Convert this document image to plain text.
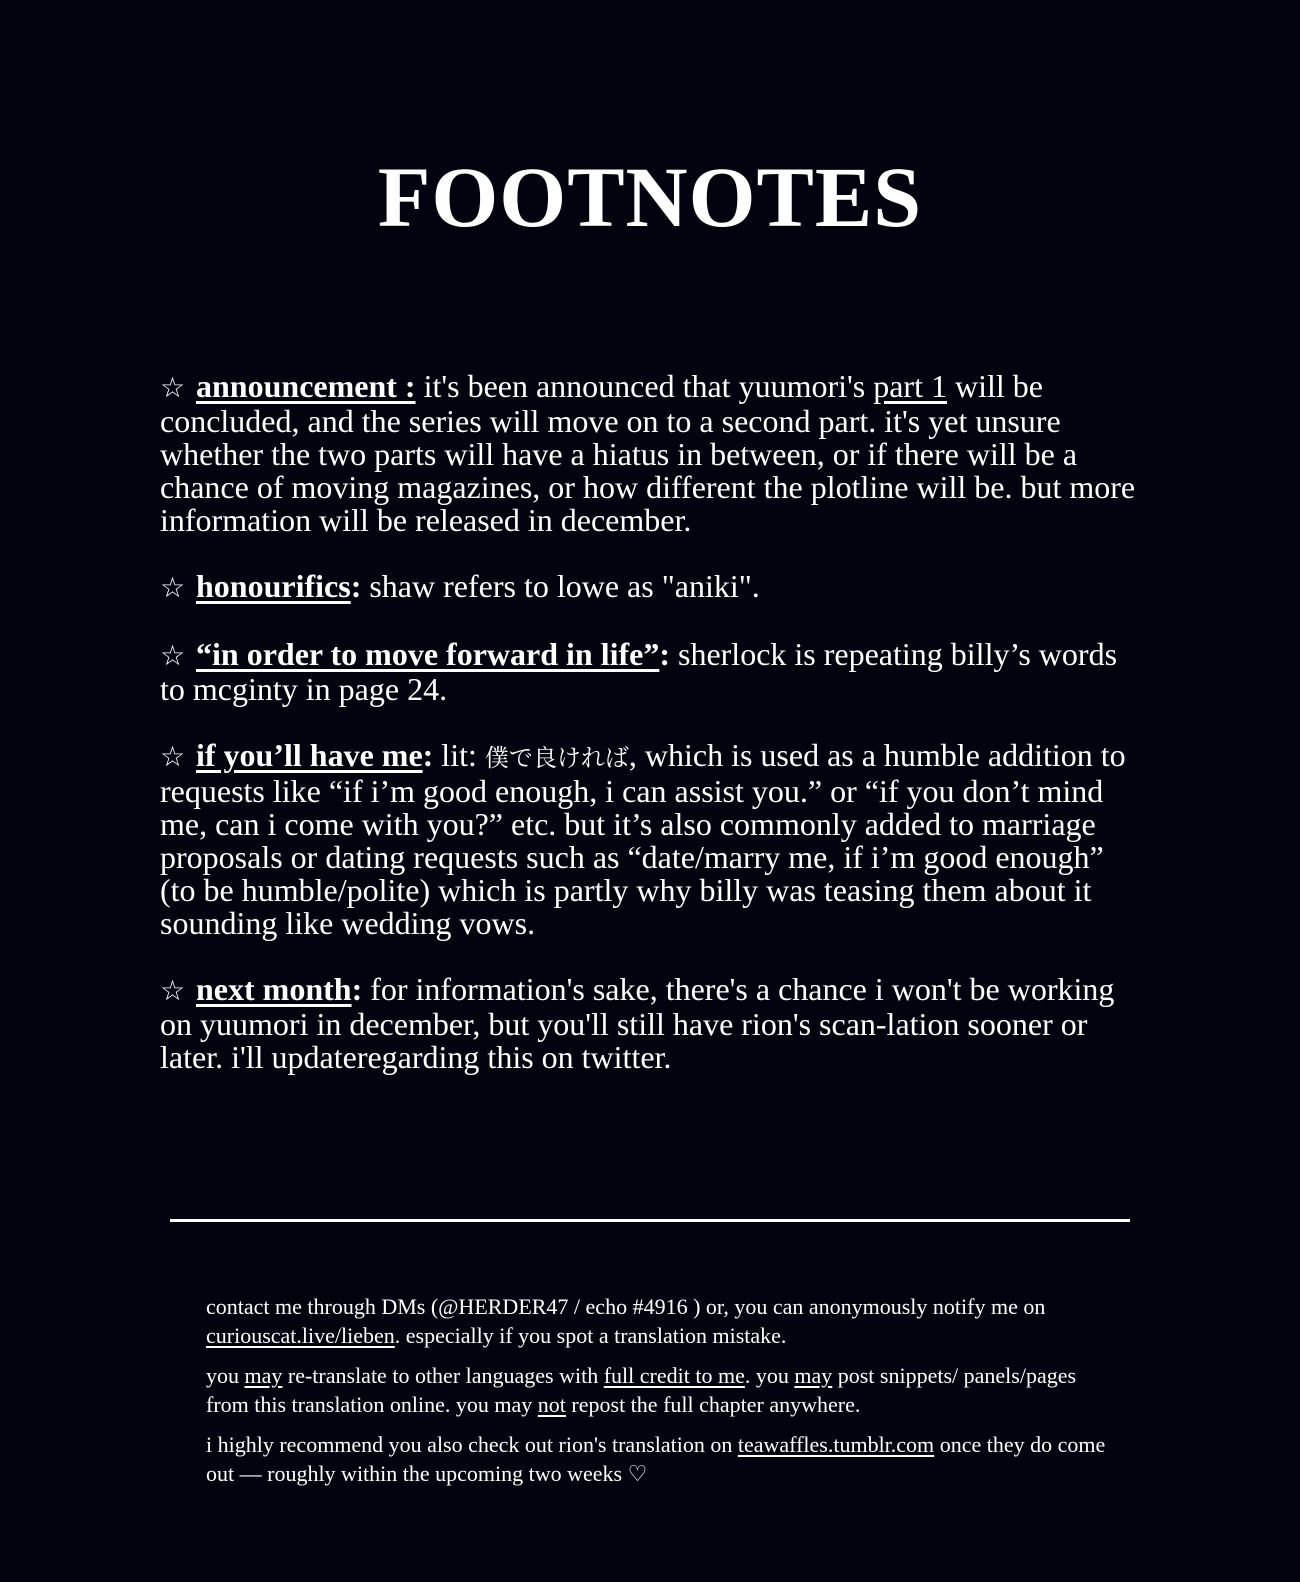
FOOTNOTES
☆ announcement : it's been announced that yuumori's part 1 will be concluded, and the series will move on to a second part. it's yet unsure whether the two parts will have a hiatus in between, or if there will be a chance of moving magazines, or how different the plotline will be. but more information will be released in december.
☆ honourifics: shaw refers to lowe as "aniki".
☆ “in order to move forward in life”: sherlock is repeating billy’s words to mcginty in page 24.
☆ if you’ll have me: lit: 僕で良ければ, which is used as a humble addition to requests like “if i’m good enough, i can assist you.” or “if you don’t mind me, can i come with you?” etc. but it’s also commonly added to marriage proposals or dating requests such as “date/marry me, if i’m good enough” (to be humble/polite) which is partly why billy was teasing them about it sounding like wedding vows.
☆ next month: for information's sake, there's a chance i won't be working on yuumori in december, but you'll still have rion's scan-lation sooner or later. i'll updateregarding this on twitter.

contact me through DMs (@HERDER47 / echo #4916 ) or, you can anonymously notify me on curiouscat.live/lieben. especially if you spot a translation mistake.

you may re-translate to other languages with full credit to me. you may post snippets/ panels/pages from this translation online. you may not repost the full chapter anywhere.

i highly recommend you also check out rion's translation on teawaffles.tumblr.com once they do come out — roughly within the upcoming two weeks ♡
